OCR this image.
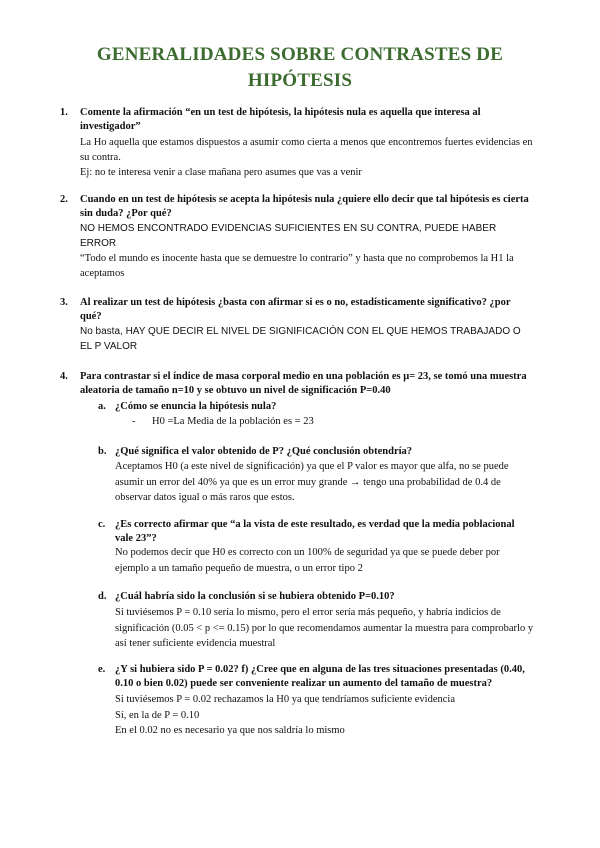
GENERALIDADES SOBRE CONTRASTES DE
HIPÓTESIS
1. Comente la afirmación “en un test de hipótesis, la hipótesis nula es aquella que interesa al
investigador”
La Ho aquella que estamos dispuestos a asumir como cierta a menos que encontremos fuertes evidencias en
su contra.
Ej: no te interesa venir a clase mañana pero asumes que vas a venir
2. Cuando en un test de hipótesis se acepta la hipótesis nula ¿quiere ello decir que tal hipótesis es cierta
sin duda? ¿Por qué?
NO HEMOS ENCONTRADO EVIDENCIAS SUFICIENTES EN SU CONTRA, PUEDE HABER
ERROR
“Todo el mundo es inocente hasta que se demuestre lo contrario” y hasta que no comprobemos la H1 la
aceptamos
3. Al realizar un test de hipótesis ¿basta con afirmar si es o no, estadísticamente significativo? ¿por
qué?
No basta, HAY QUE DECIR EL NIVEL DE SIGNIFICACIÓN CON EL QUE HEMOS TRABAJADO O
EL P VALOR
4. Para contrastar si el índice de masa corporal medio en una población es μ= 23, se tomó una muestra
aleatoria de tamaño n=10 y se obtuvo un nivel de significación P=0.40
a. ¿Cómo se enuncia la hipótesis nula?
- H0 =La Media de la población es = 23
b. ¿Qué significa el valor obtenido de P? ¿Qué conclusión obtendría?
Aceptamos H0 (a este nivel de significación) ya que el P valor es mayor que alfa, no se puede
asumir un error del 40% ya que es un error muy grande → tengo una probabilidad de 0.4 de
observar datos igual o más raros que estos.
c. ¿Es correcto afirmar que “a la vista de este resultado, es verdad que la media poblacional
vale 23”?
No podemos decir que H0 es correcto con un 100% de seguridad ya que se puede deber por
ejemplo a un tamaño pequeño de muestra, o un error tipo 2
d. ¿Cuál habría sido la conclusión si se hubiera obtenido P=0.10?
Si tuviésemos P = 0.10 sería lo mismo, pero el error sería más pequeño, y habría indicios de
significación (0.05 < p <= 0.15) por lo que recomendamos aumentar la muestra para comprobarlo y
así tener suficiente evidencia muestral
e. ¿Y si hubiera sido P = 0.02? f) ¿Cree que en alguna de las tres situaciones presentadas (0.40,
0.10 o bien 0.02) puede ser conveniente realizar un aumento del tamaño de muestra?
Si tuviésemos P = 0.02 rechazamos la H0 ya que tendríamos suficiente evidencia
Sí, en la de P = 0.10
En el 0.02 no es necesario ya que nos saldría lo mismo
